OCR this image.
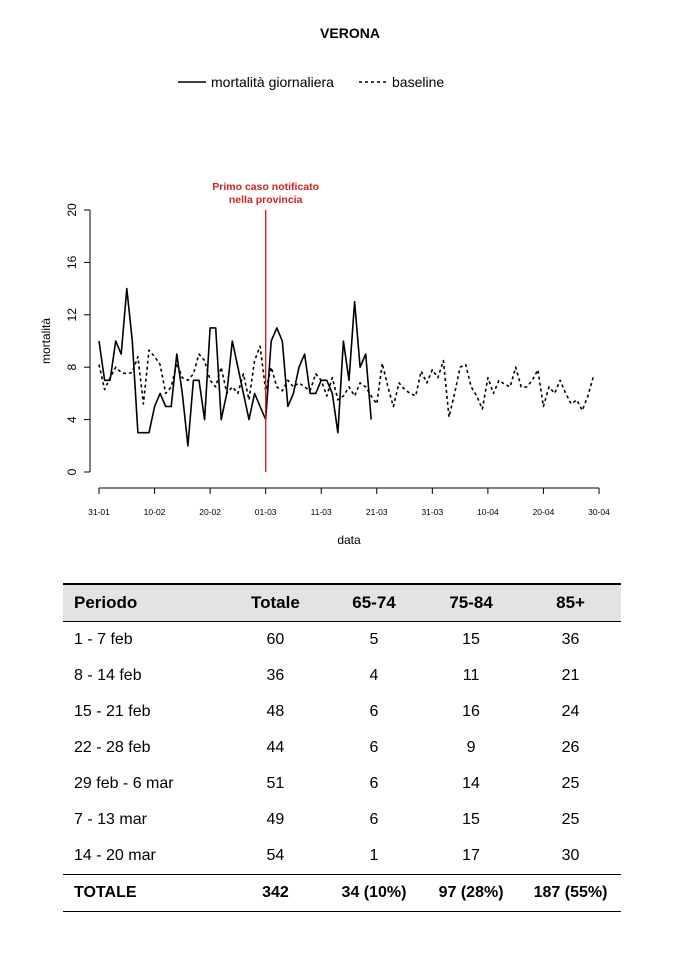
VERONA
mortalità giornaliera	baseline
0
4
8
12
16
20
mortalità
31-01	10-02	20-02	01-03	11-03	21-03	31-03	10-04	20-04	30-04
data
Primo caso notificato
nella provincia
Periodo	Totale	65-74	75-84	85+
1 - 7 feb	60	5	15	36
8 - 14 feb	36	4	11	21
15 - 21 feb	48	6	16	24
22 - 28 feb	44	6	9	26
29 feb - 6 mar	51	6	14	25
7 - 13 mar	49	6	15	25
14 - 20 mar	54	1	17	30
TOTALE	342	34 (10%)	97 (28%)	187 (55%)
